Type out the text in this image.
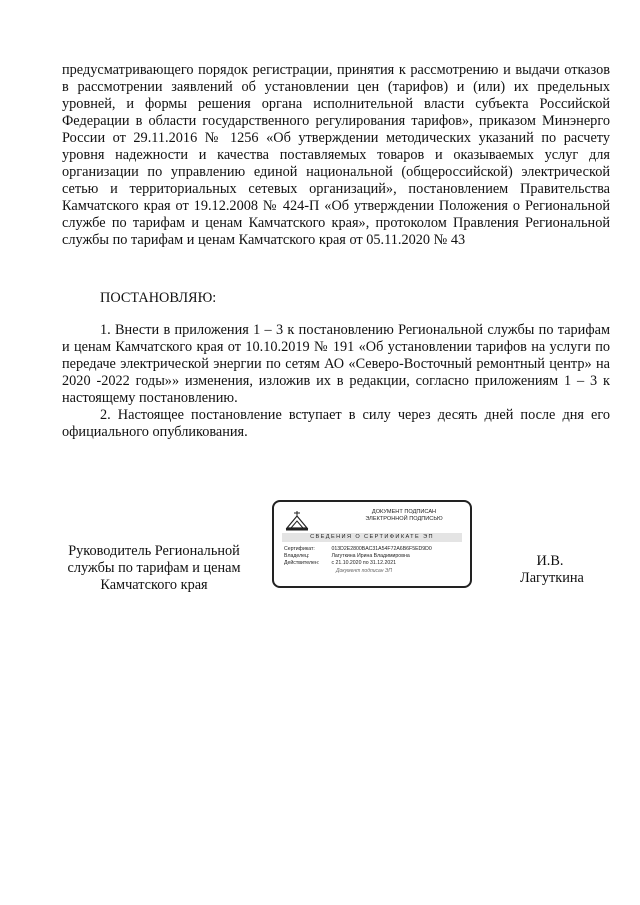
предусматривающего порядок регистрации, принятия к рассмотрению и выдачи отказов в рассмотрении заявлений об установлении цен (тарифов) и (или) их предельных уровней, и формы решения органа исполнительной власти субъекта Российской Федерации в области государственного регулирования тарифов», приказом Минэнерго России от 29.11.2016 № 1256 «Об утверждении методических указаний по расчету уровня надежности и качества поставляемых товаров и оказываемых услуг для организации по управлению единой национальной (общероссийской) электрической сетью и территориальных сетевых организаций», постановлением Правительства Камчатского края от 19.12.2008 № 424-П «Об утверждении Положения о Региональной службе по тарифам и ценам Камчатского края», протоколом Правления Региональной службы по тарифам и ценам Камчатского края от 05.11.2020 № 43

ПОСТАНОВЛЯЮ:

1. Внести в приложения 1 – 3 к постановлению Региональной службы по тарифам и ценам Камчатского края от 10.10.2019 № 191 «Об установлении тарифов на услуги по передаче электрической энергии по сетям АО «Северо-Восточный ремонтный центр» на 2020 -2022 годы»» изменения, изложив их в редакции, согласно приложениям 1 – 3 к настоящему постановлению.

2. Настоящее постановление вступает в силу через десять дней после дня его официального опубликования.

Руководитель Региональной
службы по тарифам и ценам
Камчатского края
ДОКУМЕНТ ПОДПИСАН
ЭЛЕКТРОННОЙ ПОДПИСЬЮ
СВЕДЕНИЯ О СЕРТИФИКАТЕ ЭП
Сертификат:	013D2E2800BAC31A54F72A6B6F5ED9D0
Владелец:	Лагуткина Ирина Владимировна
Действителен: с 21.10.2020 по 31.12.2021
Документ подписан ЭП
И.В.
Лагуткина
